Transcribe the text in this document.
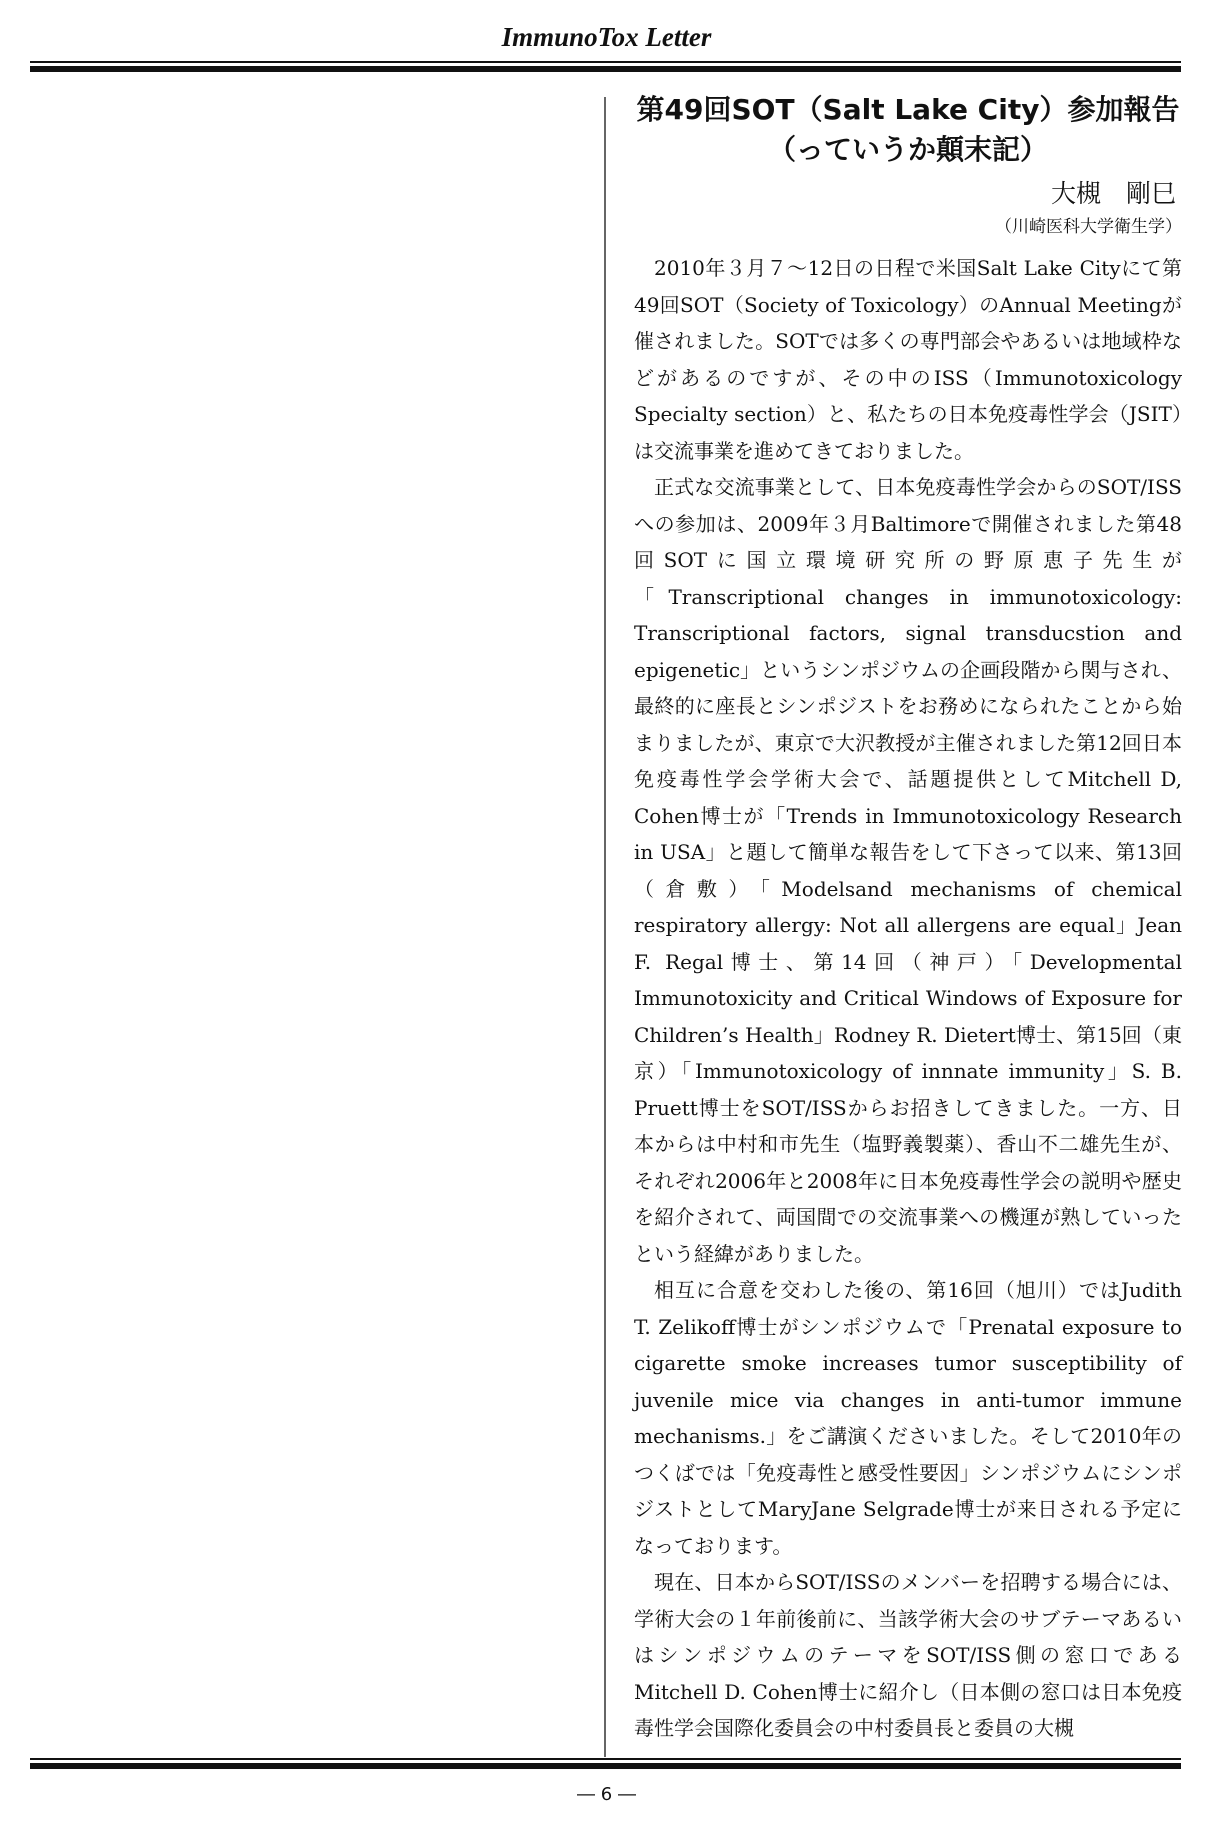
ImmunoTox Letter
第49回SOT（Salt Lake City）参加報告
（っていうか顛末記）
大槻　剛巳
（川崎医科大学衛生学）

2010年３月７～12日の日程で米国Salt Lake Cityにて第49回SOT（Society of Toxicology）のAnnual Meetingが催されました。SOTでは多くの専門部会やあるいは地域枠などがあるのですが、その中のISS（Immunotoxicology Specialty section）と、私たちの日本免疫毒性学会（JSIT）は交流事業を進めてきておりました。

正式な交流事業として、日本免疫毒性学会からのSOT/ISSへの参加は、2009年３月Baltimoreで開催されました第48回SOTに国立環境研究所の野原恵子先生が「Transcriptional changes in immunotoxicology: Transcriptional factors, signal transducstion and epigenetic」というシンポジウムの企画段階から関与され、最終的に座長とシンポジストをお務めになられたことから始まりましたが、東京で大沢教授が主催されました第12回日本免疫毒性学会学術大会で、話題提供としてMitchell D, Cohen博士が「Trends in Immunotoxicology Research in USA」と題して簡単な報告をして下さって以来、第13回（倉敷）「Modelsand mechanisms of chemical respiratory allergy: Not all allergens are equal」Jean F. Regal博士、第14回（神戸）「Developmental Immunotoxicity and Critical Windows of Exposure for Children’s Health」Rodney R. Dietert博士、第15回（東京）「Immunotoxicology of innnate immunity」S. B. Pruett博士をSOT/ISSからお招きしてきました。一方、日本からは中村和市先生（塩野義製薬）、香山不二雄先生が、それぞれ2006年と2008年に日本免疫毒性学会の説明や歴史を紹介されて、両国間での交流事業への機運が熟していったという経緯がありました。

相互に合意を交わした後の、第16回（旭川）ではJudith T. Zelikoff博士がシンポジウムで「Prenatal exposure to cigarette smoke increases tumor susceptibility of juvenile mice via changes in anti-tumor immune mechanisms.」をご講演くださいました。そして2010年のつくばでは「免疫毒性と感受性要因」シンポジウムにシンポジストとしてMaryJane Selgrade博士が来日される予定になっております。

現在、日本からSOT/ISSのメンバーを招聘する場合には、学術大会の１年前後前に、当該学術大会のサブテーマあるいはシンポジウムのテーマをSOT/ISS側の窓口であるMitchell D. Cohen博士に紹介し（日本側の窓口は日本免疫毒性学会国際化委員会の中村委員長と委員の大槻

― 6 ―
